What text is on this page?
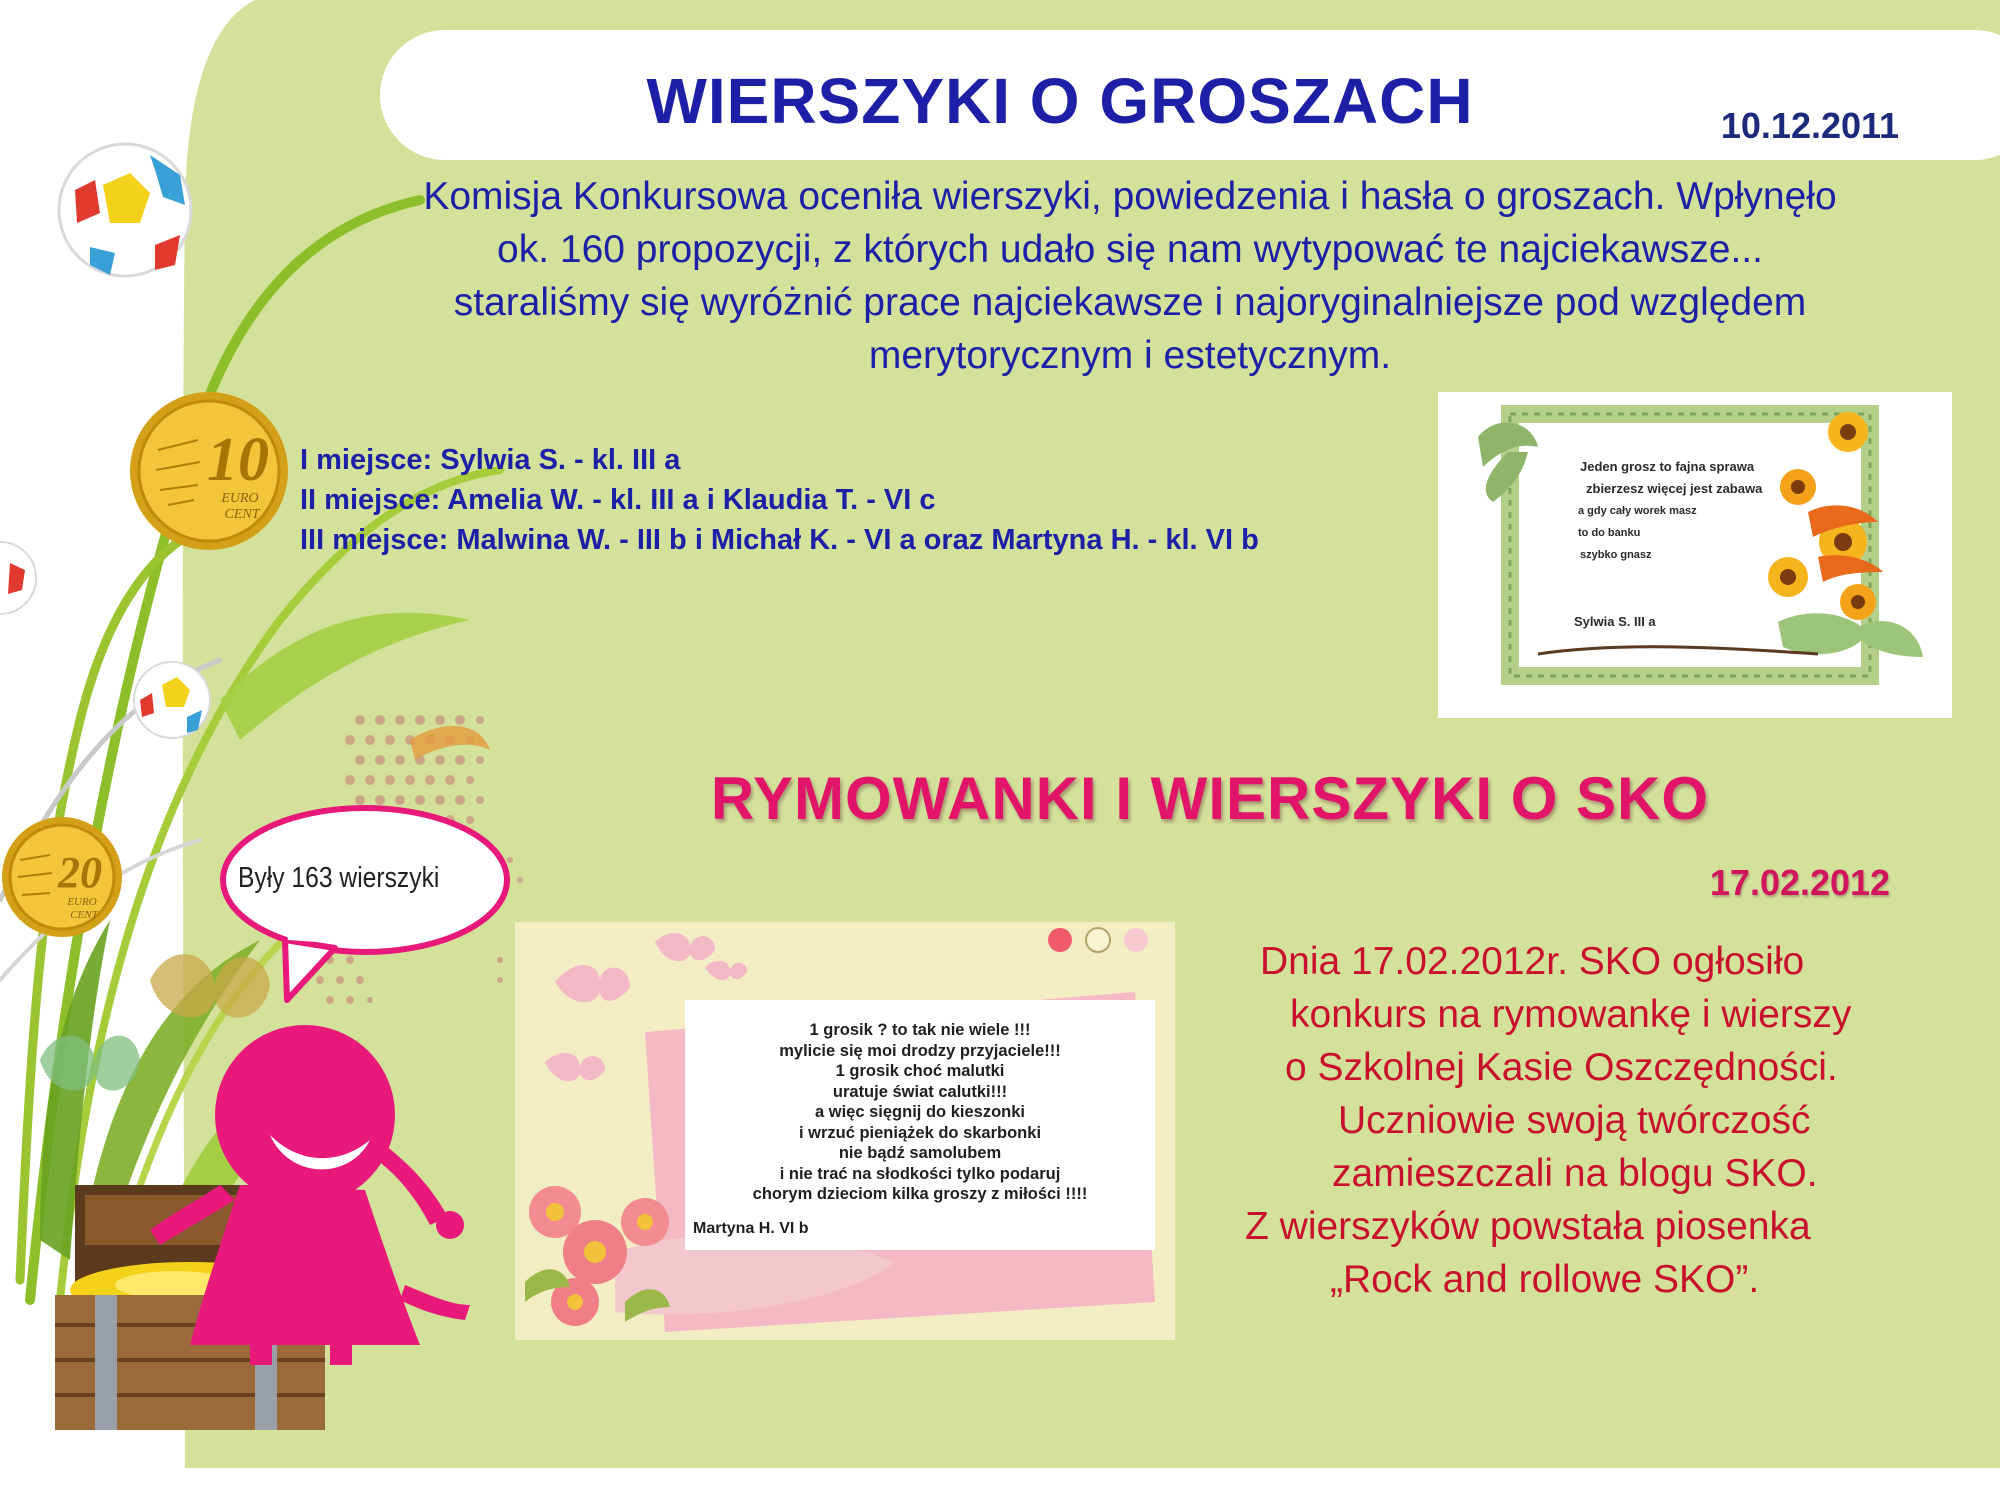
10
EURO
CENT
20
EURO
CENT
Były 163 wierszyki
WIERSZYKI O GROSZACH	10.12.2011
Komisja Konkursowa oceniła wierszyki, powiedzenia i hasła o groszach. Wpłynęło
ok. 160 propozycji, z których udało się nam wytypować te najciekawsze...
staraliśmy się wyróżnić prace najciekawsze i najoryginalniejsze pod względem
merytorycznym i estetycznym.
I miejsce: Sylwia S. - kl. III a
II miejsce: Amelia W. - kl. III a i Klaudia T. - VI c
III miejsce: Malwina W. - III b i Michał K. - VI a oraz Martyna H. - kl. VI b
Jeden grosz to fajna sprawa
zbierzesz więcej jest zabawa
a gdy cały worek masz
to do banku
szybko gnasz
Sylwia S. III a
RYMOWANKI I WIERSZYKI O SKO
17.02.2012
Dnia 17.02.2012r. SKO ogłosiło
konkurs na rymowankę i wierszy
o Szkolnej Kasie Oszczędności.
Uczniowie swoją twórczość
zamieszczali na blogu SKO.
Z wierszyków powstała piosenka
„Rock and rollowe SKO”.
1 grosik ? to tak nie wiele !!!
mylicie się moi drodzy przyjaciele!!!
1 grosik choć malutki
uratuje świat calutki!!!
a więc sięgnij do kieszonki
i wrzuć pieniążek do skarbonki
nie bądź samolubem
i nie trać na słodkości tylko podaruj
chorym dzieciom kilka groszy z miłości !!!!
Martyna H. VI b
